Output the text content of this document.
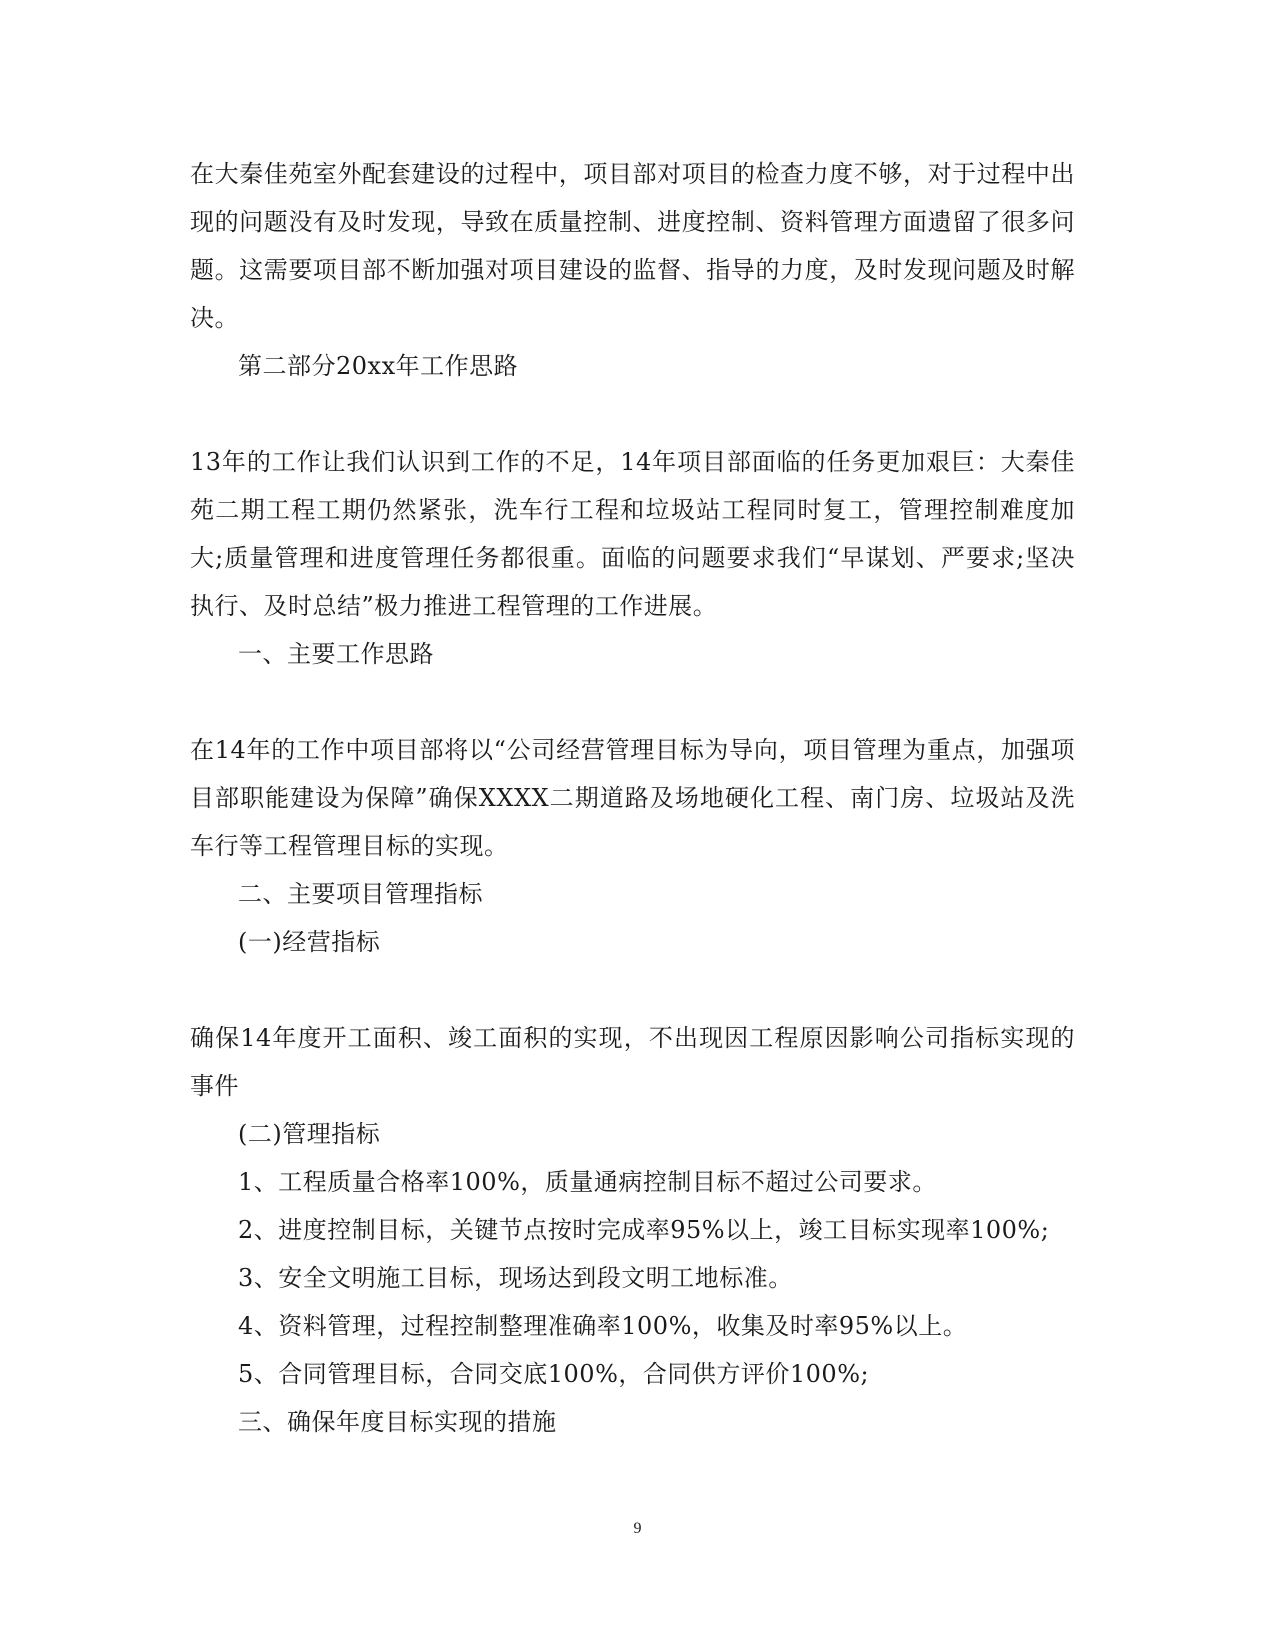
在大秦佳苑室外配套建设的过程中，项目部对项目的检查力度不够，对于过程中出现的问题没有及时发现，导致在质量控制、进度控制、资料管理方面遗留了很多问题。这需要项目部不断加强对项目建设的监督、指导的力度，及时发现问题及时解决。

第二部分20xx年工作思路

13年的工作让我们认识到工作的不足，14年项目部面临的任务更加艰巨：大秦佳苑二期工程工期仍然紧张，洗车行工程和垃圾站工程同时复工，管理控制难度加大;质量管理和进度管理任务都很重。面临的问题要求我们“早谋划、严要求;坚决执行、及时总结”极力推进工程管理的工作进展。

一、主要工作思路

在14年的工作中项目部将以“公司经营管理目标为导向，项目管理为重点，加强项目部职能建设为保障”确保XXXX二期道路及场地硬化工程、南门房、垃圾站及洗车行等工程管理目标的实现。

二、主要项目管理指标

(一)经营指标

确保14年度开工面积、竣工面积的实现，不出现因工程原因影响公司指标实现的事件

(二)管理指标

1、工程质量合格率100%，质量通病控制目标不超过公司要求。

2、进度控制目标，关键节点按时完成率95%以上，竣工目标实现率100%;

3、安全文明施工目标，现场达到段文明工地标准。

4、资料管理，过程控制整理准确率100%，收集及时率95%以上。

5、合同管理目标，合同交底100%，合同供方评价100%;

三、确保年度目标实现的措施

9
